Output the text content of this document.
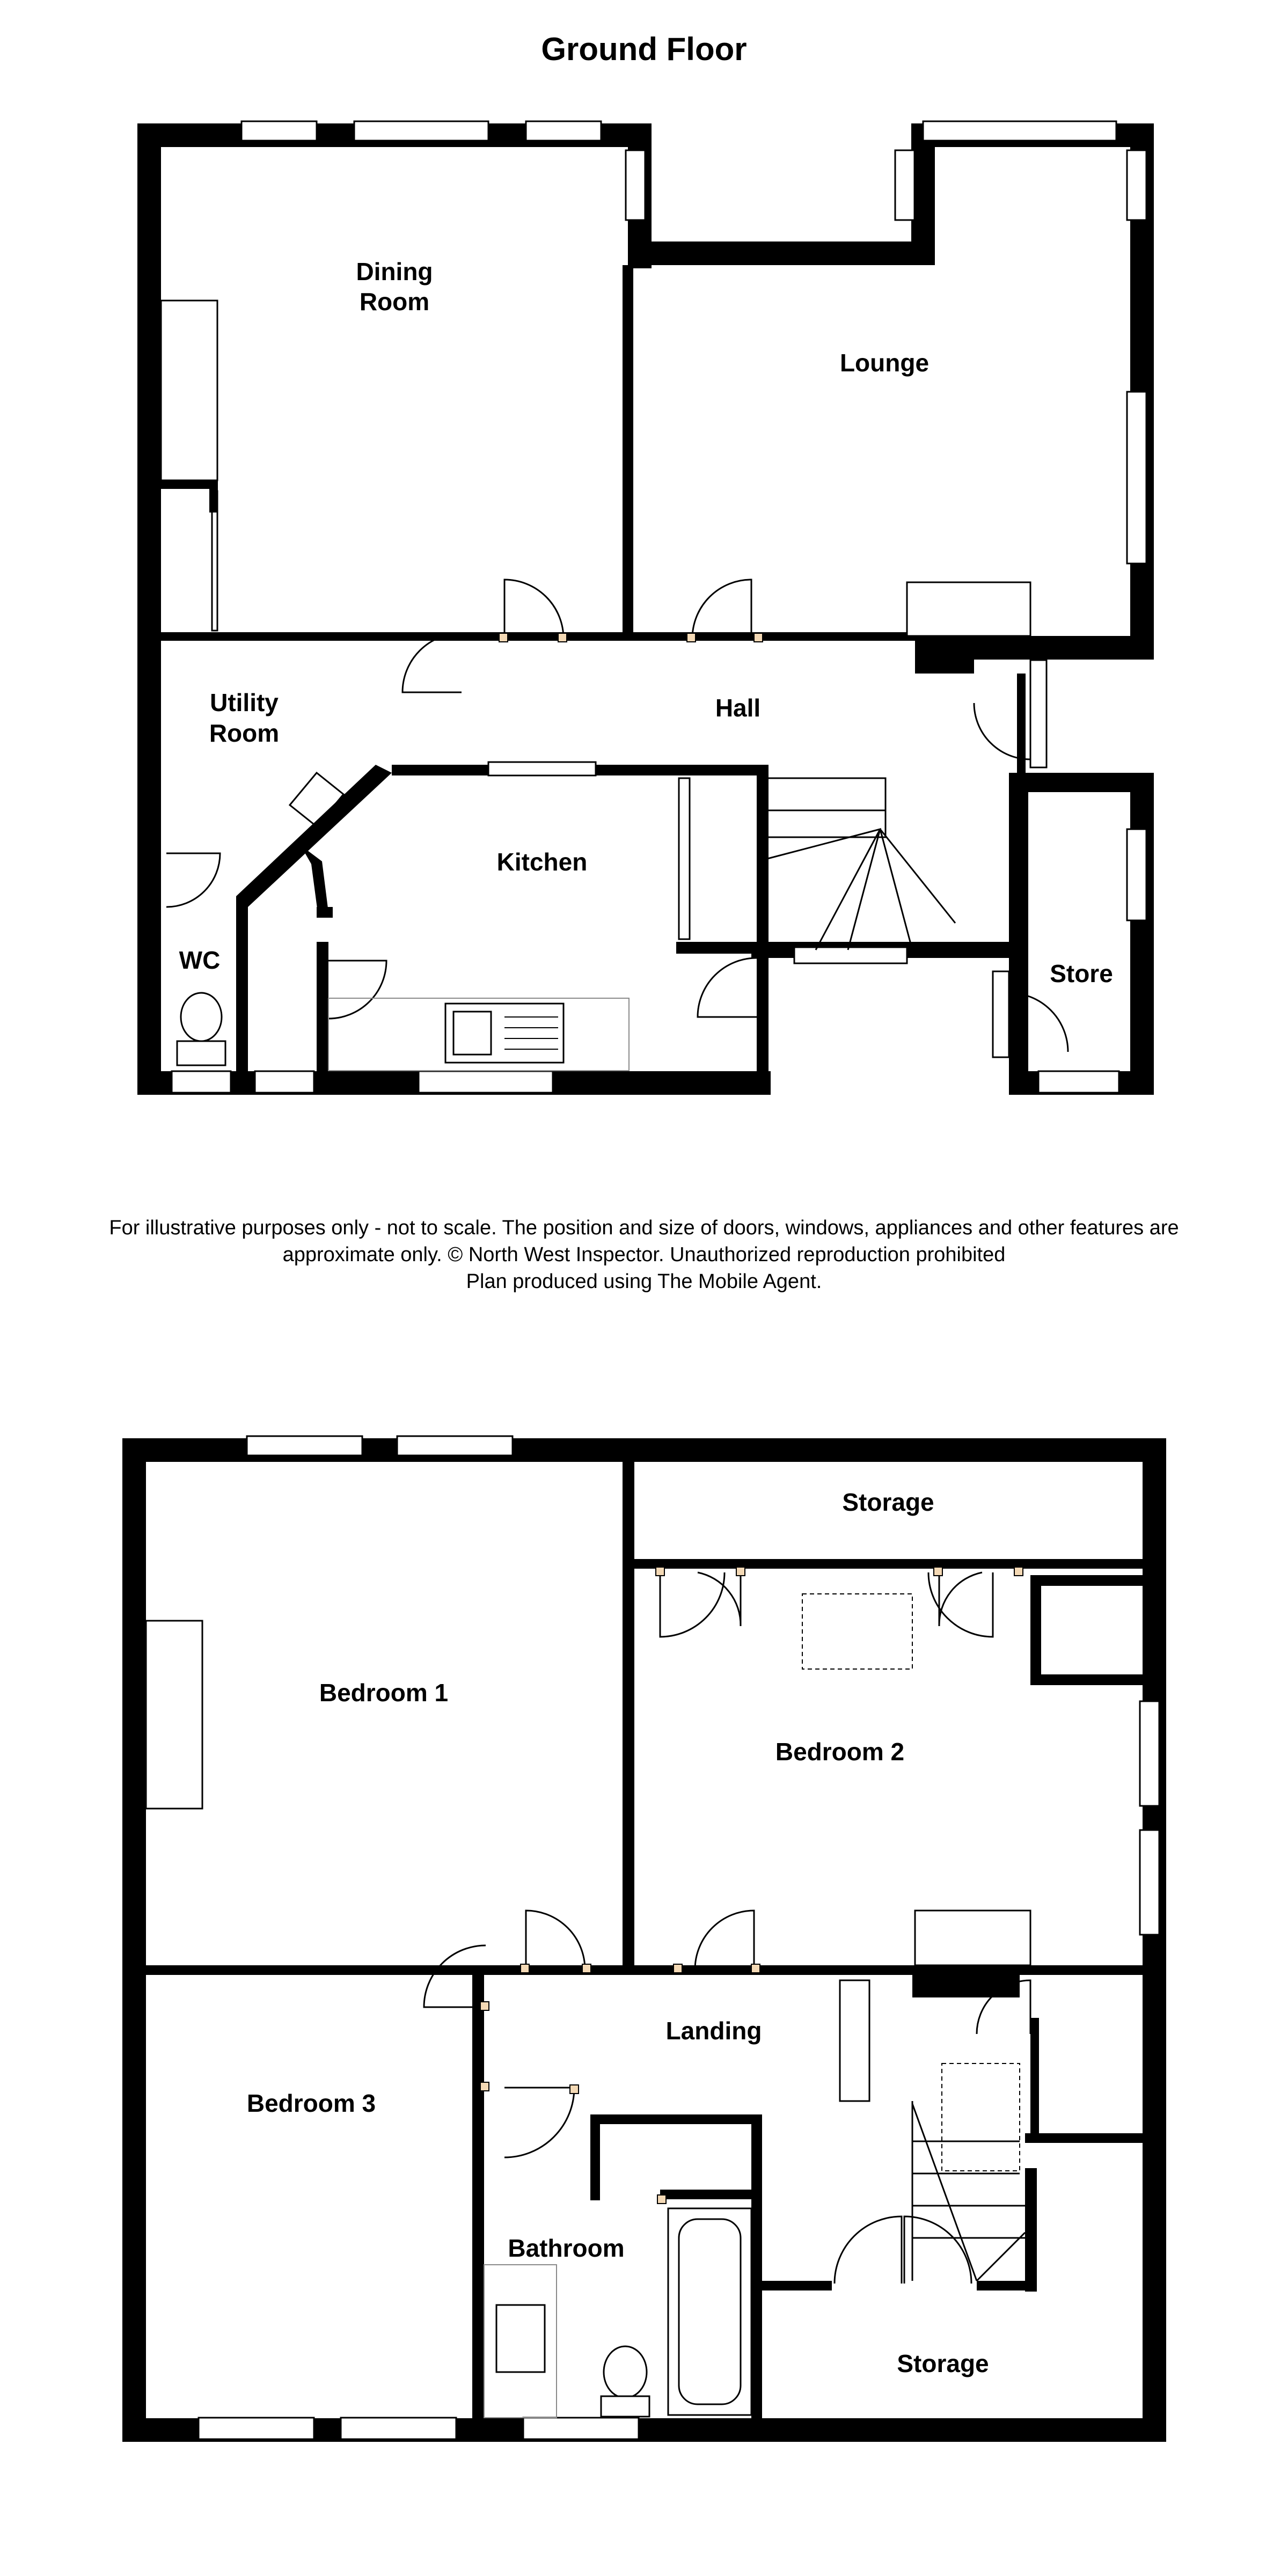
Ground Floor
Dining
Room
Lounge
Utility
Room
Hall
Kitchen
WC	Store
For illustrative purposes only - not to scale. The position and size of doors, windows, appliances and other features are
approximate only. © North West Inspector. Unauthorized reproduction prohibited
Plan produced using The Mobile Agent.
Bedroom 1
Bedroom 2
Bedroom 3
Storage
Landing
Bathroom
Storage
